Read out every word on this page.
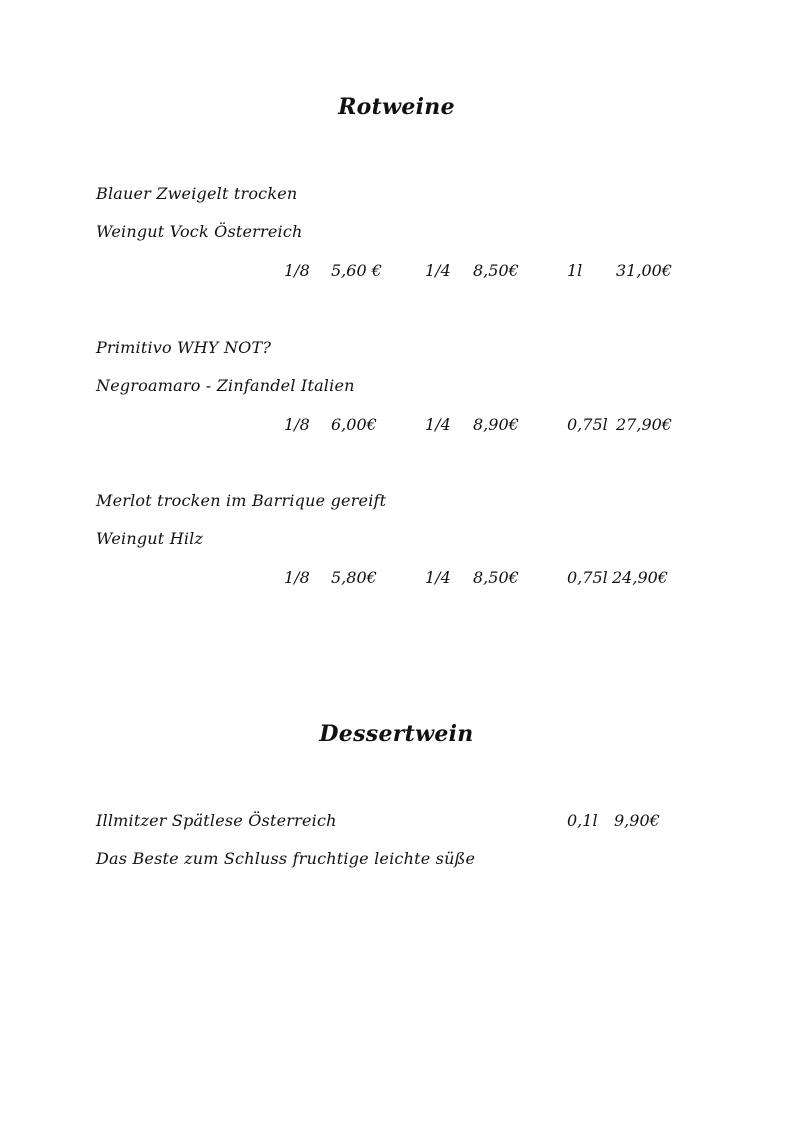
Rotweine
Blauer Zweigelt trocken
Weingut Vock Österreich
1/8 5,60 €	1/4 8,50€	1l 31,00€
Primitivo WHY NOT?
Negroamaro - Zinfandel Italien
1/8 6,00€	1/4 8,90€	0,75l 27,90€
Merlot trocken im Barrique gereift
Weingut Hilz
1/8 5,80€	1/4 8,50€	0,75l 24,90€
Dessertwein
Illmitzer Spätlese Österreich	0,1l 9,90€
Das Beste zum Schluss fruchtige leichte süße
